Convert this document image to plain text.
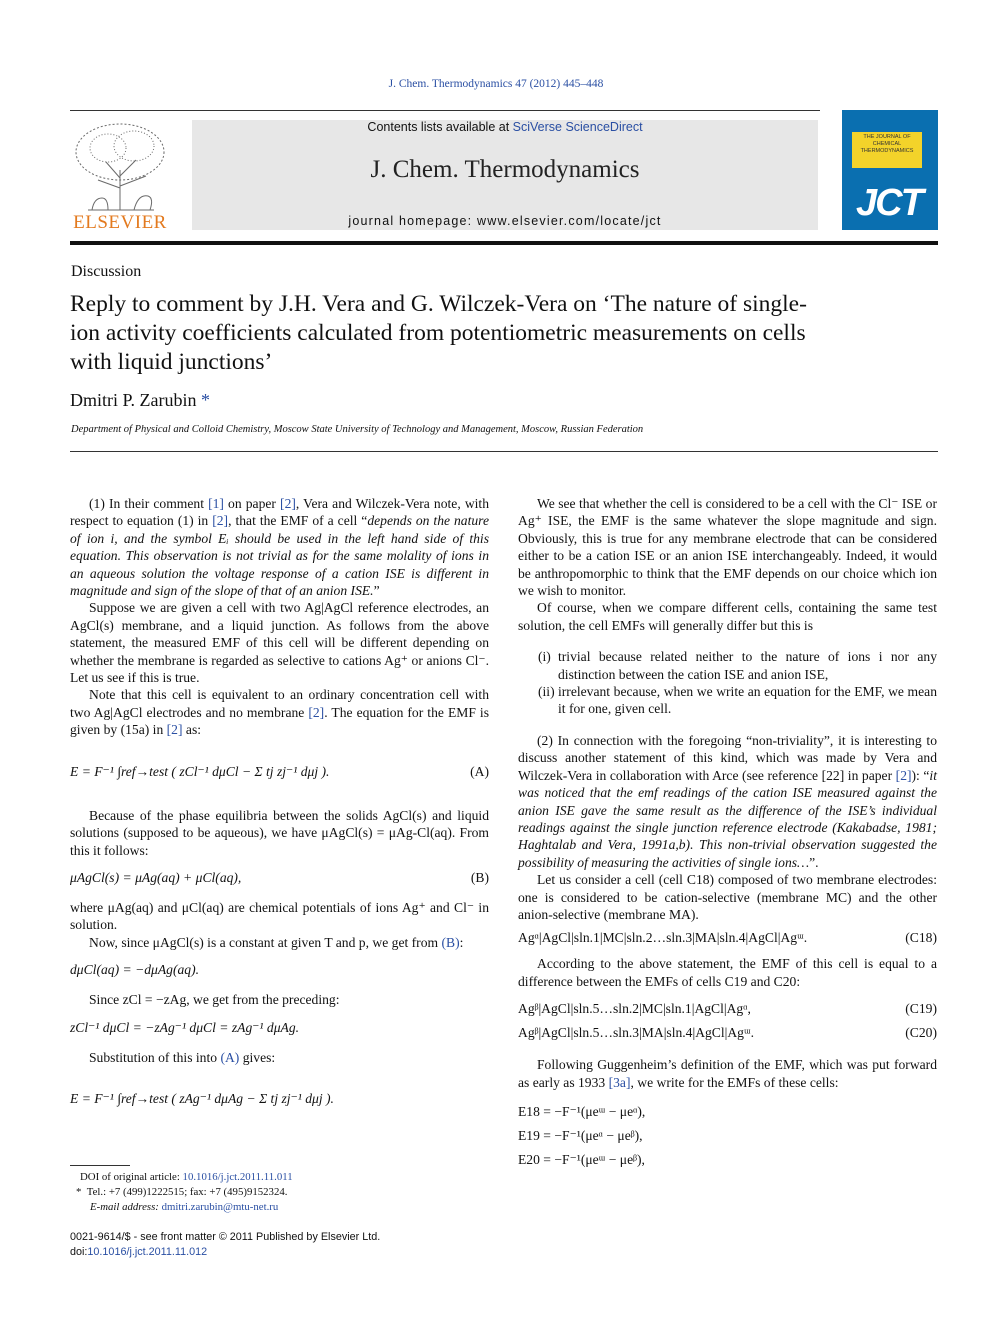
J. Chem. Thermodynamics 47 (2012) 445–448
ELSEVIER
Contents lists available at SciVerse ScienceDirect
J. Chem. Thermodynamics
journal homepage: www.elsevier.com/locate/jct
THE JOURNAL OF CHEMICAL THERMODYNAMICS
JCT
Discussion
Reply to comment by J.H. Vera and G. Wilczek-Vera on ‘The nature of single-ion activity coefficients calculated from potentiometric measurements on cells with liquid junctions’
Dmitri P. Zarubin *
Department of Physical and Colloid Chemistry, Moscow State University of Technology and Management, Moscow, Russian Federation

(1) In their comment [1] on paper [2], Vera and Wilczek-Vera note, with respect to equation (1) in [2], that the EMF of a cell “depends on the nature of ion i, and the symbol Eᵢ should be used in the left hand side of this equation. This observation is not trivial as for the same molality of ions in an aqueous solution the voltage response of a cation ISE is different in magnitude and sign of the slope of that of an anion ISE.”

Suppose we are given a cell with two Ag|AgCl reference electrodes, an AgCl(s) membrane, and a liquid junction. As follows from the above statement, the measured EMF of this cell will be different depending on whether the membrane is regarded as selective to cations Ag⁺ or anions Cl⁻. Let us see if this is true.

Note that this cell is equivalent to an ordinary concentration cell with two Ag|AgCl electrodes and no membrane [2]. The equation for the EMF is given by (15a) in [2] as:

E = F⁻¹ ∫ref→test ( zCl⁻¹ dμCl − Σ tj zj⁻¹ dμj ).	(A)

Because of the phase equilibria between the solids AgCl(s) and liquid solutions (supposed to be aqueous), we have μAgCl(s) = μAg-Cl(aq). From this it follows:

μAgCl(s) = μAg(aq) + μCl(aq),	(B)

where μAg(aq) and μCl(aq) are chemical potentials of ions Ag⁺ and Cl⁻ in solution.

Now, since μAgCl(s) is a constant at given T and p, we get from (B):

dμCl(aq) = −dμAg(aq).

Since zCl = −zAg, we get from the preceding:

zCl⁻¹ dμCl = −zAg⁻¹ dμCl = zAg⁻¹ dμAg.

Substitution of this into (A) gives:

E = F⁻¹ ∫ref→test ( zAg⁻¹ dμAg − Σ tj zj⁻¹ dμj ).

We see that whether the cell is considered to be a cell with the Cl⁻ ISE or Ag⁺ ISE, the EMF is the same whatever the slope magnitude and sign. Obviously, this is true for any membrane electrode that can be considered either to be a cation ISE or an anion ISE interchangeably. Indeed, it would be anthropomorphic to think that the EMF depends on our choice which ion we wish to monitor.

Of course, when we compare different cells, containing the same test solution, the cell EMFs will generally differ but this is

(i) trivial because related neither to the nature of ions i nor any distinction between the cation ISE and anion ISE,
(ii) irrelevant because, when we write an equation for the EMF, we mean it for one, given cell.

(2) In connection with the foregoing “non-triviality”, it is interesting to discuss another statement of this kind, which was made by Vera and Wilczek-Vera in collaboration with Arce (see reference [22] in paper [2]): “it was noticed that the emf readings of the cation ISE measured against the anion ISE gave the same result as the difference of the ISE’s individual readings against the single junction reference electrode (Kakabadse, 1981; Haghtalab and Vera, 1991a,b). This non-trivial observation suggested the possibility of measuring the activities of single ions…”.

Let us consider a cell (cell C18) composed of two membrane electrodes: one is considered to be cation-selective (membrane MC) and the other anion-selective (membrane MA).

Agᵅ|AgCl|sln.1|MC|sln.2…sln.3|MA|sln.4|AgCl|Agᵚ.	(C18)

According to the above statement, the EMF of this cell is equal to a difference between the EMFs of cells C19 and C20:

Agᵝ|AgCl|sln.5…sln.2|MC|sln.1|AgCl|Agᵅ,	(C19)
Agᵝ|AgCl|sln.5…sln.3|MA|sln.4|AgCl|Agᵚ.	(C20)

Following Guggenheim’s definition of the EMF, which was put forward as early as 1933 [3a], we write for the EMFs of these cells:

E18 = −F⁻¹(μeᵚ − μeᵅ),
E19 = −F⁻¹(μeᵅ − μeᵝ),
E20 = −F⁻¹(μeᵚ − μeᵝ),
DOI of original article: 10.1016/j.jct.2011.11.011
*  Tel.: +7 (499)1222515; fax: +7 (495)9152324.
E-mail address: dmitri.zarubin@mtu-net.ru
0021-9614/$ - see front matter © 2011 Published by Elsevier Ltd.
doi:10.1016/j.jct.2011.11.012
